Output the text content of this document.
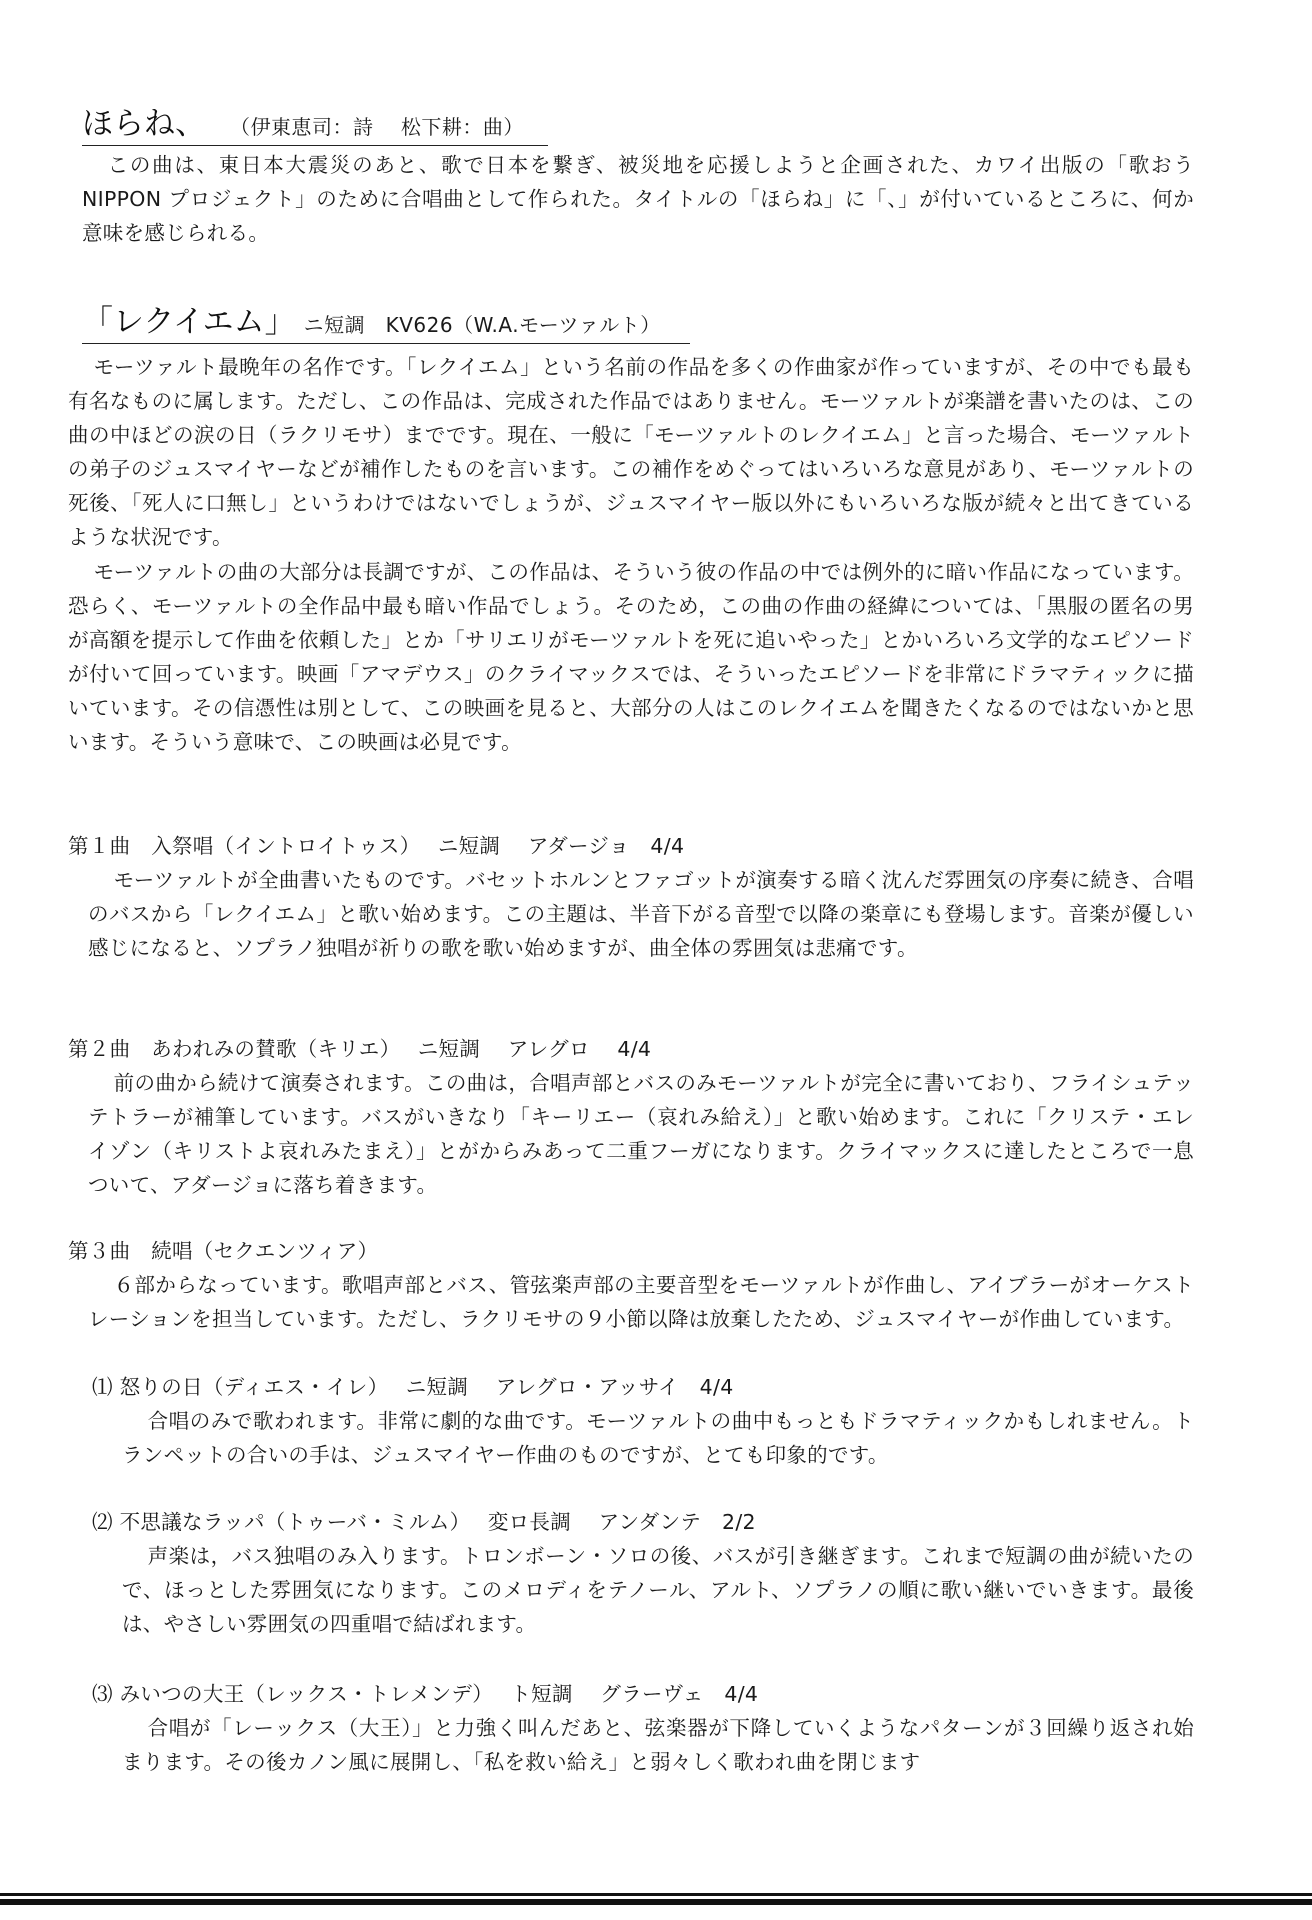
ほらね、 （伊東恵司：詩　 松下耕：曲）

この曲は、東日本大震災のあと、歌で日本を繋ぎ、被災地を応援しようと企画された、カワイ出版の「歌おう NIPPON プロジェクト」のために合唱曲として作られた。タイトルの「ほらね」に「、」が付いているところに、何か意味を感じられる。

「レクイエム」 ニ短調　KV626（W.A.モーツァルト）

モーツァルト最晩年の名作です。「レクイエム」という名前の作品を多くの作曲家が作っていますが、その中でも最も有名なものに属します。ただし、この作品は、完成された作品ではありません。モーツァルトが楽譜を書いたのは、この曲の中ほどの涙の日（ラクリモサ）までです。現在、一般に「モーツァルトのレクイエム」と言った場合、モーツァルトの弟子のジュスマイヤーなどが補作したものを言います。この補作をめぐってはいろいろな意見があり、モーツァルトの死後、「死人に口無し」というわけではないでしょうが、ジュスマイヤー版以外にもいろいろな版が続々と出てきているような状況です。

モーツァルトの曲の大部分は長調ですが、この作品は、そういう彼の作品の中では例外的に暗い作品になっています。恐らく、モーツァルトの全作品中最も暗い作品でしょう。そのため，この曲の作曲の経緯については、「黒服の匿名の男が高額を提示して作曲を依頼した」とか「サリエリがモーツァルトを死に追いやった」とかいろいろ文学的なエピソードが付いて回っています。映画「アマデウス」のクライマックスでは、そういったエピソードを非常にドラマティックに描いています。その信憑性は別として、この映画を見ると、大部分の人はこのレクイエムを聞きたくなるのではないかと思います。そういう意味で、この映画は必見です。

第１曲　入祭唱（イントロイトゥス）　 ニ短調　 アダージョ　4/4

モーツァルトが全曲書いたものです。バセットホルンとファゴットが演奏する暗く沈んだ雰囲気の序奏に続き、合唱のバスから「レクイエム」と歌い始めます。この主題は、半音下がる音型で以降の楽章にも登場します。音楽が優しい感じになると、ソプラノ独唱が祈りの歌を歌い始めますが、曲全体の雰囲気は悲痛です。

第２曲　あわれみの賛歌（キリエ）　 ニ短調　 アレグロ　 4/4

前の曲から続けて演奏されます。この曲は，合唱声部とバスのみモーツァルトが完全に書いており、フライシュテッテトラーが補筆しています。バスがいきなり「キーリエー（哀れみ給え）」と歌い始めます。これに「クリステ・エレイゾン（キリストよ哀れみたまえ）」とがからみあって二重フーガになります。クライマックスに達したところで一息ついて、アダージョに落ち着きます。

第３曲　続唱（セクエンツィア）

６部からなっています。歌唱声部とバス、管弦楽声部の主要音型をモーツァルトが作曲し、アイブラーがオーケストレーションを担当しています。ただし、ラクリモサの９小節以降は放棄したため、ジュスマイヤーが作曲しています。

⑴ 怒りの日（ディエス・イレ）　 ニ短調　 アレグロ・アッサイ　4/4

合唱のみで歌われます。非常に劇的な曲です。モーツァルトの曲中もっともドラマティックかもしれません。トランペットの合いの手は、ジュスマイヤー作曲のものですが、とても印象的です。

⑵ 不思議なラッパ（トゥーバ・ミルム）　 変ロ長調　 アンダンテ　2/2

声楽は，バス独唱のみ入ります。トロンボーン・ソロの後、バスが引き継ぎます。これまで短調の曲が続いたので、ほっとした雰囲気になります。このメロディをテノール、アルト、ソプラノの順に歌い継いでいきます。最後は、やさしい雰囲気の四重唱で結ばれます。

⑶ みいつの大王（レックス・トレメンデ）　 ト短調　 グラーヴェ　4/4

合唱が「レーックス（大王）」と力強く叫んだあと、弦楽器が下降していくようなパターンが３回繰り返され始まります。その後カノン風に展開し、「私を救い給え」と弱々しく歌われ曲を閉じます
